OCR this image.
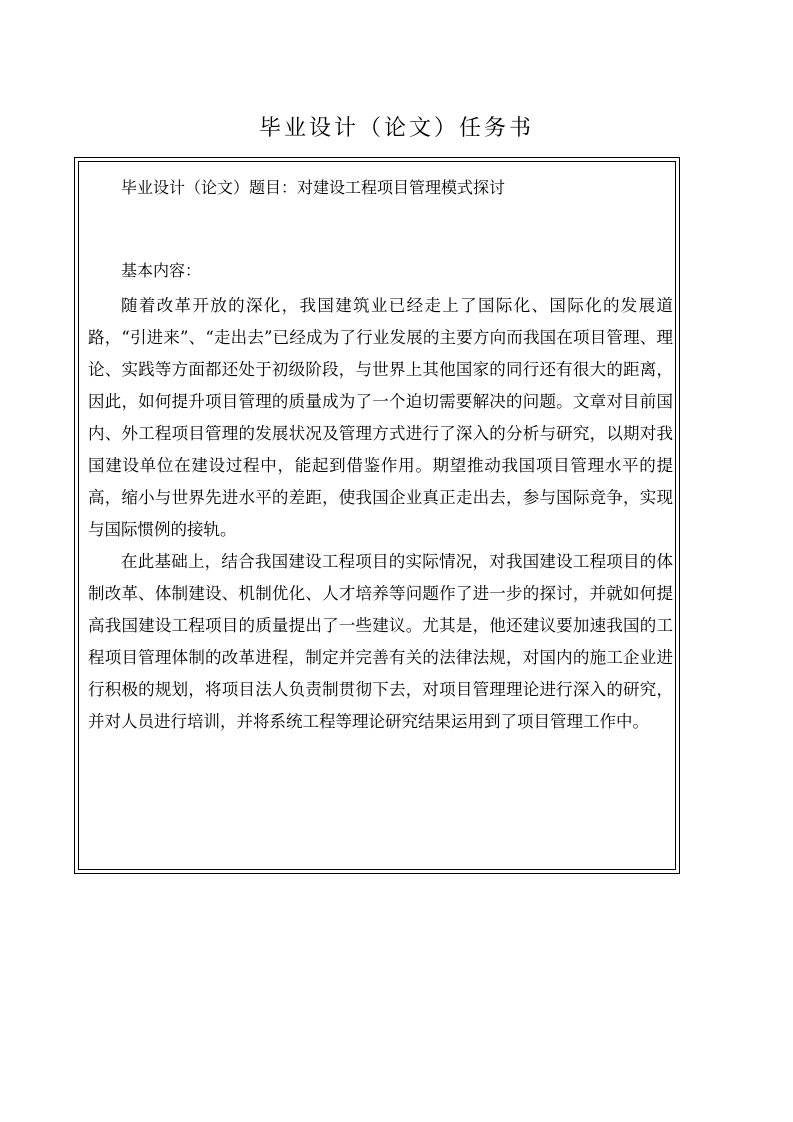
毕业设计（论文）任务书
毕业设计（论文）题目：对建设工程项目管理模式探讨
基本内容：

随着改革开放的深化，我国建筑业已经走上了国际化、国际化的发展道路，“引进来”、“走出去”已经成为了行业发展的主要方向而我国在项目管理、理论、实践等方面都还处于初级阶段，与世界上其他国家的同行还有很大的距离，因此，如何提升项目管理的质量成为了一个迫切需要解决的问题。文章对目前国内、外工程项目管理的发展状况及管理方式进行了深入的分析与研究，以期对我国建设单位在建设过程中，能起到借鉴作用。期望推动我国项目管理水平的提高，缩小与世界先进水平的差距，使我国企业真正走出去，参与国际竞争，实现与国际惯例的接轨。

在此基础上，结合我国建设工程项目的实际情况，对我国建设工程项目的体制改革、体制建设、机制优化、人才培养等问题作了进一步的探讨，并就如何提高我国建设工程项目的质量提出了一些建议。尤其是，他还建议要加速我国的工程项目管理体制的改革进程，制定并完善有关的法律法规，对国内的施工企业进行积极的规划，将项目法人负责制贯彻下去，对项目管理理论进行深入的研究，并对人员进行培训，并将系统工程等理论研究结果运用到了项目管理工作中。
